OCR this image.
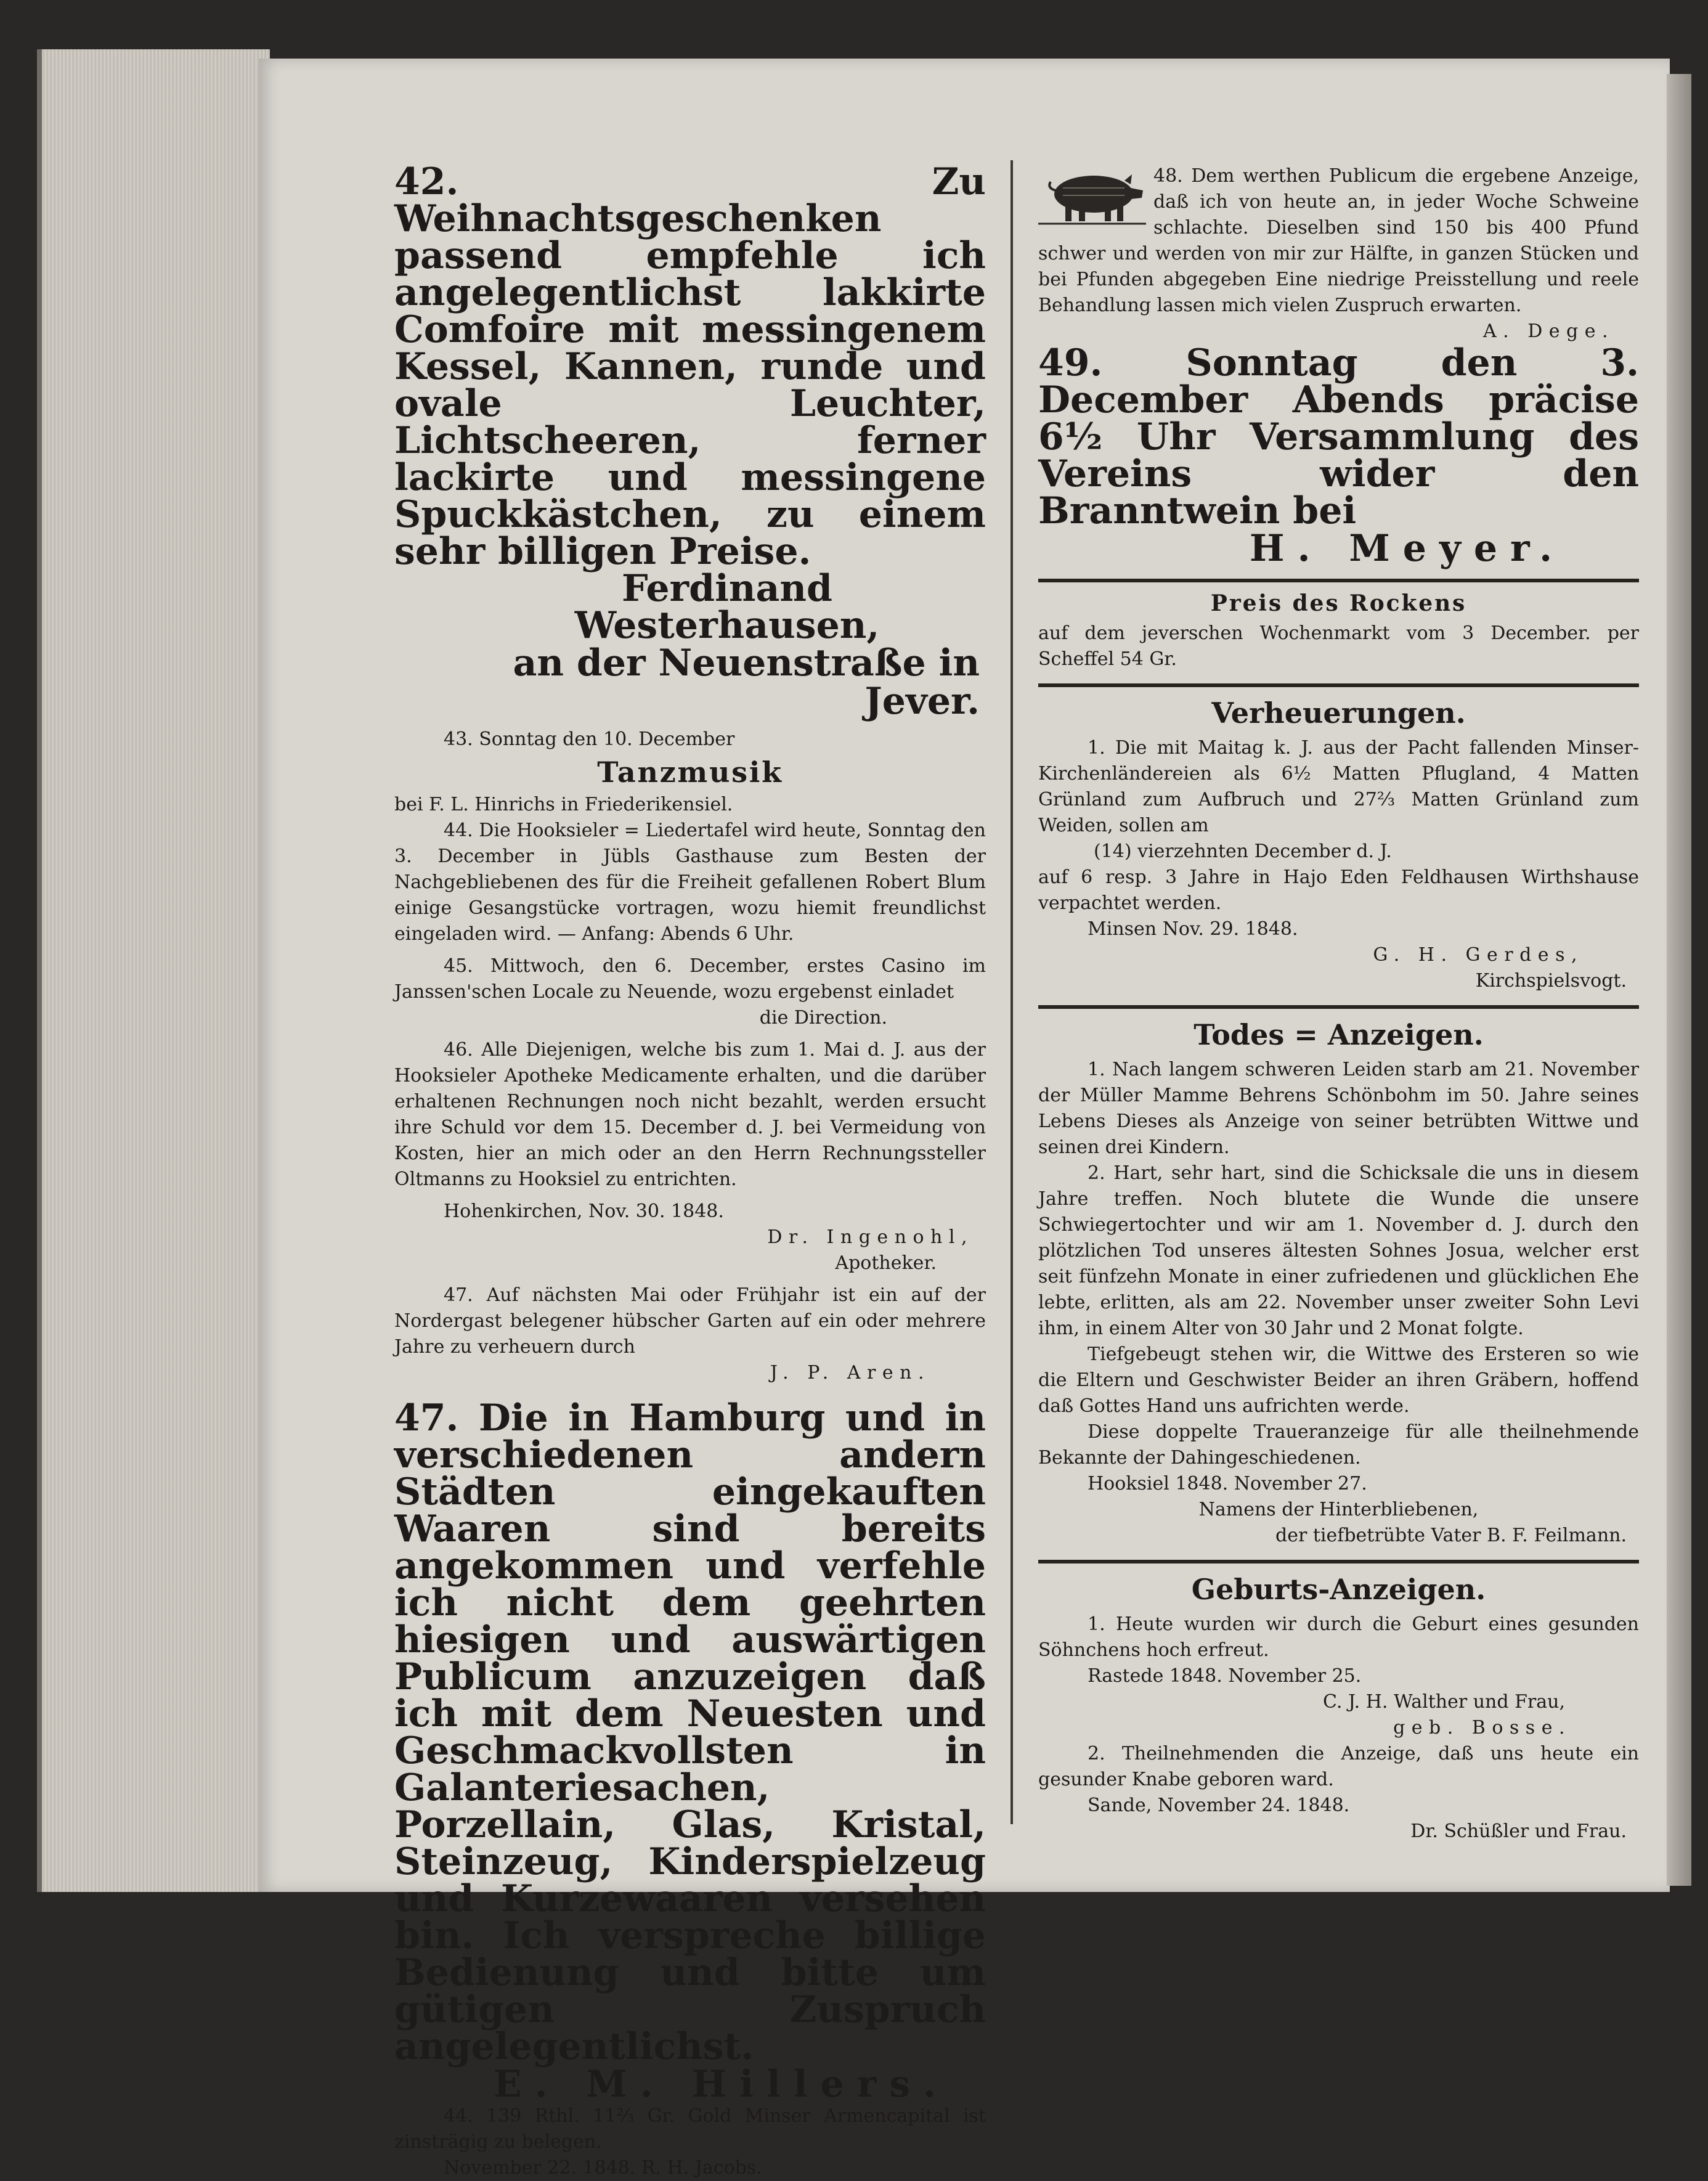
42. Zu Weihnachtsgeschenken passend empfehle ich angelegentlichst lakkirte Comfoire mit messingenem Kessel, Kannen, runde und ovale Leuchter, Lichtscheeren, ferner lackirte und messingene Spuckkästchen, zu einem sehr billigen Preise.

Ferdinand Westerhausen,

an der Neuenstraße in Jever.

43. Sonntag den 10. December

Tanzmusik

bei F. L. Hinrichs in Friederikensiel.

44. Die Hooksieler = Liedertafel wird heute, Sonntag den 3. December in Jübls Gasthause zum Besten der Nachgebliebenen des für die Freiheit gefallenen Robert Blum einige Gesangstücke vortragen, wozu hiemit freundlichst eingeladen wird. — Anfang: Abends 6 Uhr.

45. Mittwoch, den 6. December, erstes Casino im Janssen'schen Locale zu Neuende, wozu ergebenst einladet

die Direction.

46. Alle Diejenigen, welche bis zum 1. Mai d. J. aus der Hooksieler Apotheke Medicamente erhalten, und die darüber erhaltenen Rechnungen noch nicht bezahlt, werden ersucht ihre Schuld vor dem 15. December d. J. bei Vermeidung von Kosten, hier an mich oder an den Herrn Rechnungssteller Oltmanns zu Hooksiel zu entrichten.

Hohenkirchen, Nov. 30. 1848.

Dr. Ingenohl,

Apotheker.

47. Auf nächsten Mai oder Frühjahr ist ein auf der Nordergast belegener hübscher Garten auf ein oder mehrere Jahre zu verheuern durch

J. P. Aren.

47. Die in Hamburg und in verschiedenen andern Städten eingekauften Waaren sind bereits angekommen und verfehle ich nicht dem geehrten hiesigen und auswärtigen Publicum anzuzeigen daß ich mit dem Neuesten und Geschmackvollsten in Galanteriesachen, Porzellain, Glas, Kristal, Steinzeug, Kinderspielzeug und Kurzewaaren versehen bin. Ich verspreche billige Bedienung und bitte um gütigen Zuspruch angelegentlichst.

E. M. Hillers.

44. 139 Rthl. 11⅔ Gr. Gold Minser Armencapital ist zinsträgig zu belegen.

November 22. 1848. R. H. Jacobs.

48. Dem werthen Publicum die ergebene Anzeige, daß ich von heute an, in jeder Woche Schweine schlachte. Dieselben sind 150 bis 400 Pfund schwer und werden von mir zur Hälfte, in ganzen Stücken und bei Pfunden abgegeben Eine niedrige Preisstellung und reele Behandlung lassen mich vielen Zuspruch erwarten.

A. Dege.

49. Sonntag den 3. December Abends präcise 6½ Uhr Versammlung des Vereins wider den Branntwein bei

H. Meyer.

Preis des Rockens

auf dem jeverschen Wochenmarkt vom 3 December. per Scheffel 54 Gr.

Verheuerungen.

1. Die mit Maitag k. J. aus der Pacht fallenden Minser-Kirchenländereien als 6½ Matten Pflugland, 4 Matten Grünland zum Aufbruch und 27⅔ Matten Grünland zum Weiden, sollen am

(14) vierzehnten December d. J.

auf 6 resp. 3 Jahre in Hajo Eden Feldhausen Wirthshause verpachtet werden.

Minsen Nov. 29. 1848.

G. H. Gerdes,

Kirchspielsvogt.

Todes = Anzeigen.

1. Nach langem schweren Leiden starb am 21. November der Müller Mamme Behrens Schönbohm im 50. Jahre seines Lebens Dieses als Anzeige von seiner betrübten Wittwe und seinen drei Kindern.

2. Hart, sehr hart, sind die Schicksale die uns in diesem Jahre treffen. Noch blutete die Wunde die unsere Schwiegertochter und wir am 1. November d. J. durch den plötzlichen Tod unseres ältesten Sohnes Josua, welcher erst seit fünfzehn Monate in einer zufriedenen und glücklichen Ehe lebte, erlitten, als am 22. November unser zweiter Sohn Levi ihm, in einem Alter von 30 Jahr und 2 Monat folgte.

Tiefgebeugt stehen wir, die Wittwe des Ersteren so wie die Eltern und Geschwister Beider an ihren Gräbern, hoffend daß Gottes Hand uns aufrichten werde.

Diese doppelte Traueranzeige für alle theilnehmende Bekannte der Dahingeschiedenen.

Hooksiel 1848. November 27.

Namens der Hinterbliebenen,

der tiefbetrübte Vater B. F. Feilmann.

Geburts-Anzeigen.

1. Heute wurden wir durch die Geburt eines gesunden Söhnchens hoch erfreut.

Rastede 1848. November 25.

C. J. H. Walther und Frau,

geb. Bosse.

2. Theilnehmenden die Anzeige, daß uns heute ein gesunder Knabe geboren ward.

Sande, November 24. 1848.

Dr. Schüßler und Frau.
